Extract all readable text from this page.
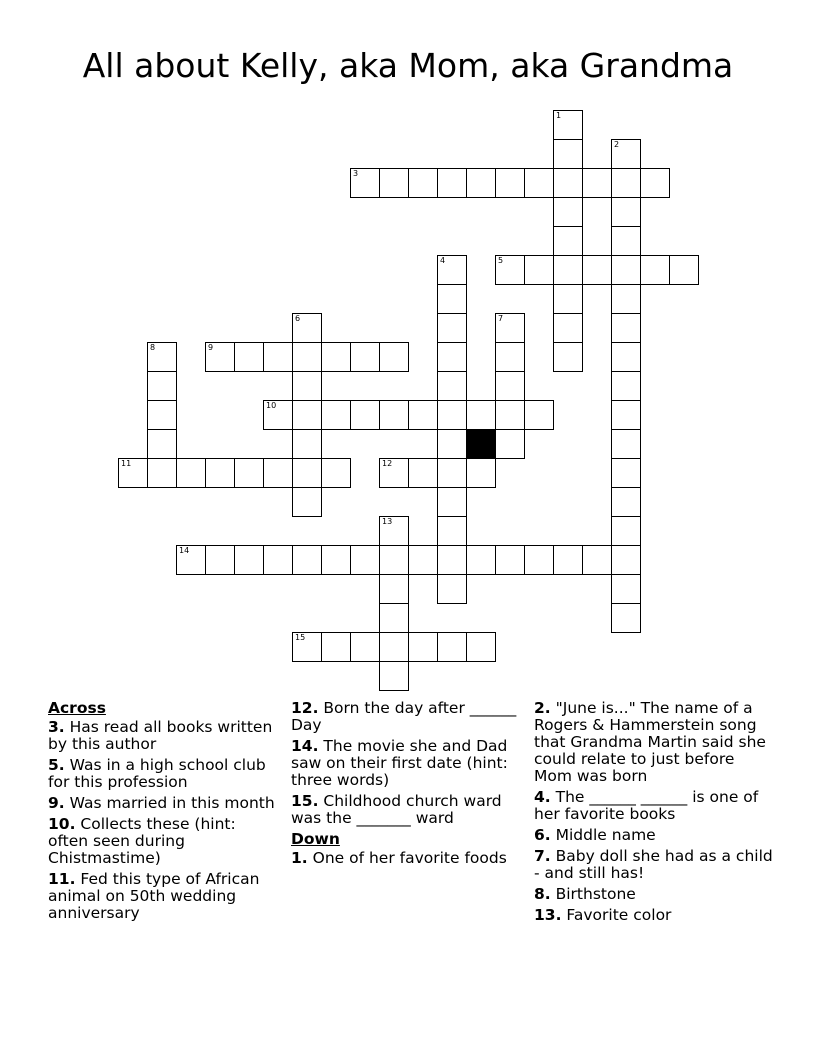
All about Kelly, aka Mom, aka Grandma
1
2
3
4	5
6	7
8	9
10
11	12
13
14
15
Across
3. Has read all books written by this author
5. Was in a high school club for this profession
9. Was married in this month
10. Collects these (hint: often seen during Chistmastime)
11. Fed this type of African animal on 50th wedding anniversary
12. Born the day after ______ Day
14. The movie she and Dad saw on their first date (hint: three words)
15. Childhood church ward was the _______ ward
Down
1. One of her favorite foods
2. "June is..." The name of a Rogers & Hammerstein song that Grandma Martin said she could relate to just before Mom was born
4. The ______ ______ is one of her favorite books
6. Middle name
7. Baby doll she had as a child - and still has!
8. Birthstone
13. Favorite color
